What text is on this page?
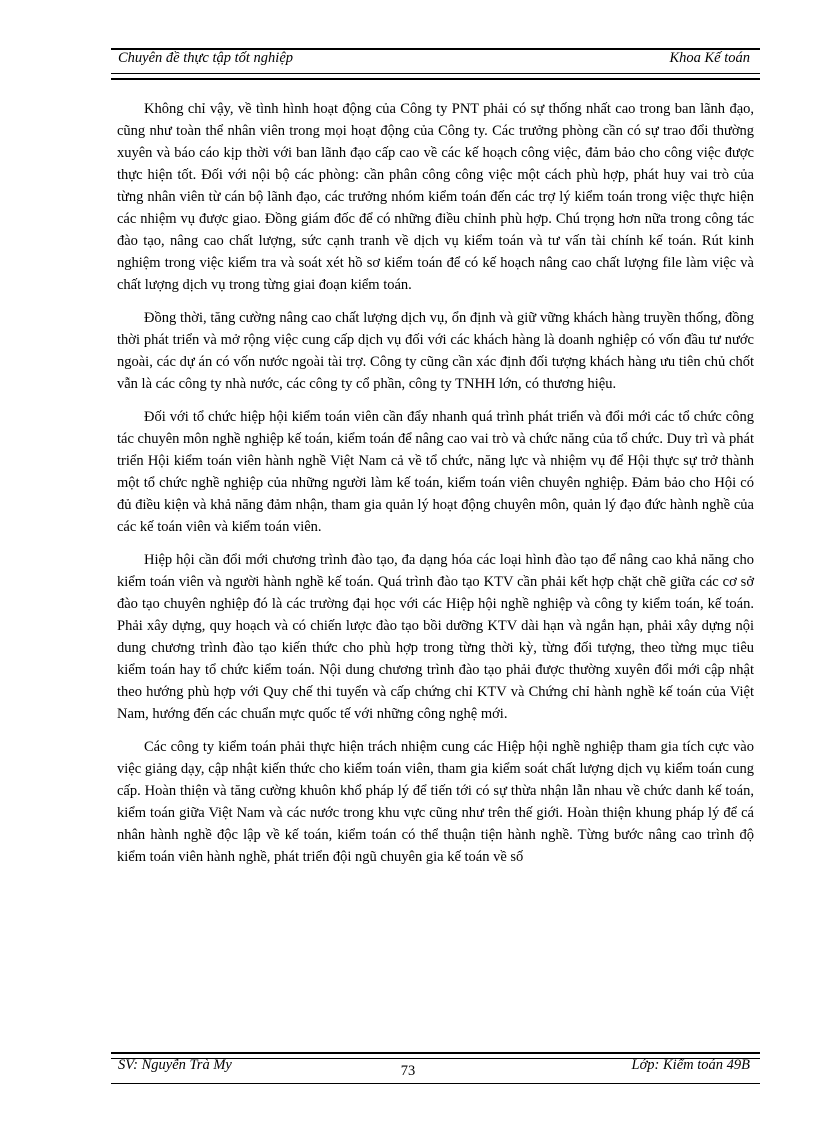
Chuyên đề thực tập tốt nghiệp	Khoa Kế toán

Không chỉ vậy, về tình hình hoạt động của Công ty PNT phải có sự thống nhất cao trong ban lãnh đạo, cũng như toàn thể nhân viên trong mọi hoạt động của Công ty. Các trưởng phòng cần có sự trao đổi thường xuyên và báo cáo kịp thời với ban lãnh đạo cấp cao về các kế hoạch công việc, đảm bảo cho công việc được thực hiện tốt. Đối với nội bộ các phòng: cần phân công công việc một cách phù hợp, phát huy vai trò của từng nhân viên từ cán bộ lãnh đạo, các trưởng nhóm kiểm toán đến các trợ lý kiểm toán trong việc thực hiện các nhiệm vụ được giao. Đồng giám đốc để có những điều chỉnh phù hợp. Chú trọng hơn nữa trong công tác đào tạo, nâng cao chất lượng, sức cạnh tranh về dịch vụ kiểm toán và tư vấn tài chính kế toán. Rút kinh nghiệm trong việc kiểm tra và soát xét hồ sơ kiểm toán để có kế hoạch nâng cao chất lượng file làm việc và chất lượng dịch vụ trong từng giai đoạn kiểm toán.

Đồng thời, tăng cường nâng cao chất lượng dịch vụ, ổn định và giữ vững khách hàng truyền thống, đồng thời phát triển và mở rộng việc cung cấp dịch vụ đối với các khách hàng là doanh nghiệp có vốn đầu tư nước ngoài, các dự án có vốn nước ngoài tài trợ. Công ty cũng cần xác định đối tượng khách hàng ưu tiên chủ chốt vẫn là các công ty nhà nước, các công ty cổ phần, công ty TNHH lớn, có thương hiệu.

Đối với tổ chức hiệp hội kiểm toán viên cần đẩy nhanh quá trình phát triển và đổi mới các tổ chức công tác chuyên môn nghề nghiệp kế toán, kiểm toán để nâng cao vai trò và chức năng của tổ chức. Duy trì và phát triển Hội kiểm toán viên hành nghề Việt Nam cả về tổ chức, năng lực và nhiệm vụ để Hội thực sự trở thành một tổ chức nghề nghiệp của những người làm kế toán, kiểm toán viên chuyên nghiệp. Đảm bảo cho Hội có đủ điều kiện và khả năng đảm nhận, tham gia quản lý hoạt động chuyên môn, quản lý đạo đức hành nghề của các kế toán viên và kiểm toán viên.

Hiệp hội cần đổi mới chương trình đào tạo, đa dạng hóa các loại hình đào tạo để nâng cao khả năng cho kiểm toán viên và người hành nghề kế toán. Quá trình đào tạo KTV cần phải kết hợp chặt chẽ giữa các cơ sở đào tạo chuyên nghiệp đó là các trường đại học với các Hiệp hội nghề nghiệp và công ty kiểm toán, kế toán. Phải xây dựng, quy hoạch và có chiến lược đào tạo bồi dưỡng KTV dài hạn và ngắn hạn, phải xây dựng nội dung chương trình đào tạo kiến thức cho phù hợp trong từng thời kỳ, từng đối tượng, theo từng mục tiêu kiểm toán hay tổ chức kiểm toán. Nội dung chương trình đào tạo phải được thường xuyên đổi mới cập nhật theo hướng phù hợp với Quy chế thi tuyển và cấp chứng chỉ KTV và Chứng chỉ hành nghề kế toán của Việt Nam, hướng đến các chuẩn mực quốc tế với những công nghệ mới.

Các công ty kiểm toán phải thực hiện trách nhiệm cung các Hiệp hội nghề nghiệp tham gia tích cực vào việc giảng dạy, cập nhật kiến thức cho kiểm toán viên, tham gia kiểm soát chất lượng dịch vụ kiểm toán cung cấp. Hoàn thiện và tăng cường khuôn khổ pháp lý để tiến tới có sự thừa nhận lẫn nhau về chức danh kế toán, kiểm toán giữa Việt Nam và các nước trong khu vực cũng như trên thế giới. Hoàn thiện khung pháp lý để cá nhân hành nghề độc lập về kế toán, kiểm toán có thể thuận tiện hành nghề. Từng bước nâng cao trình độ kiểm toán viên hành nghề, phát triển đội ngũ chuyên gia kế toán về số

SV: Nguyễn Trà My	Lớp: Kiểm toán 49B
73
